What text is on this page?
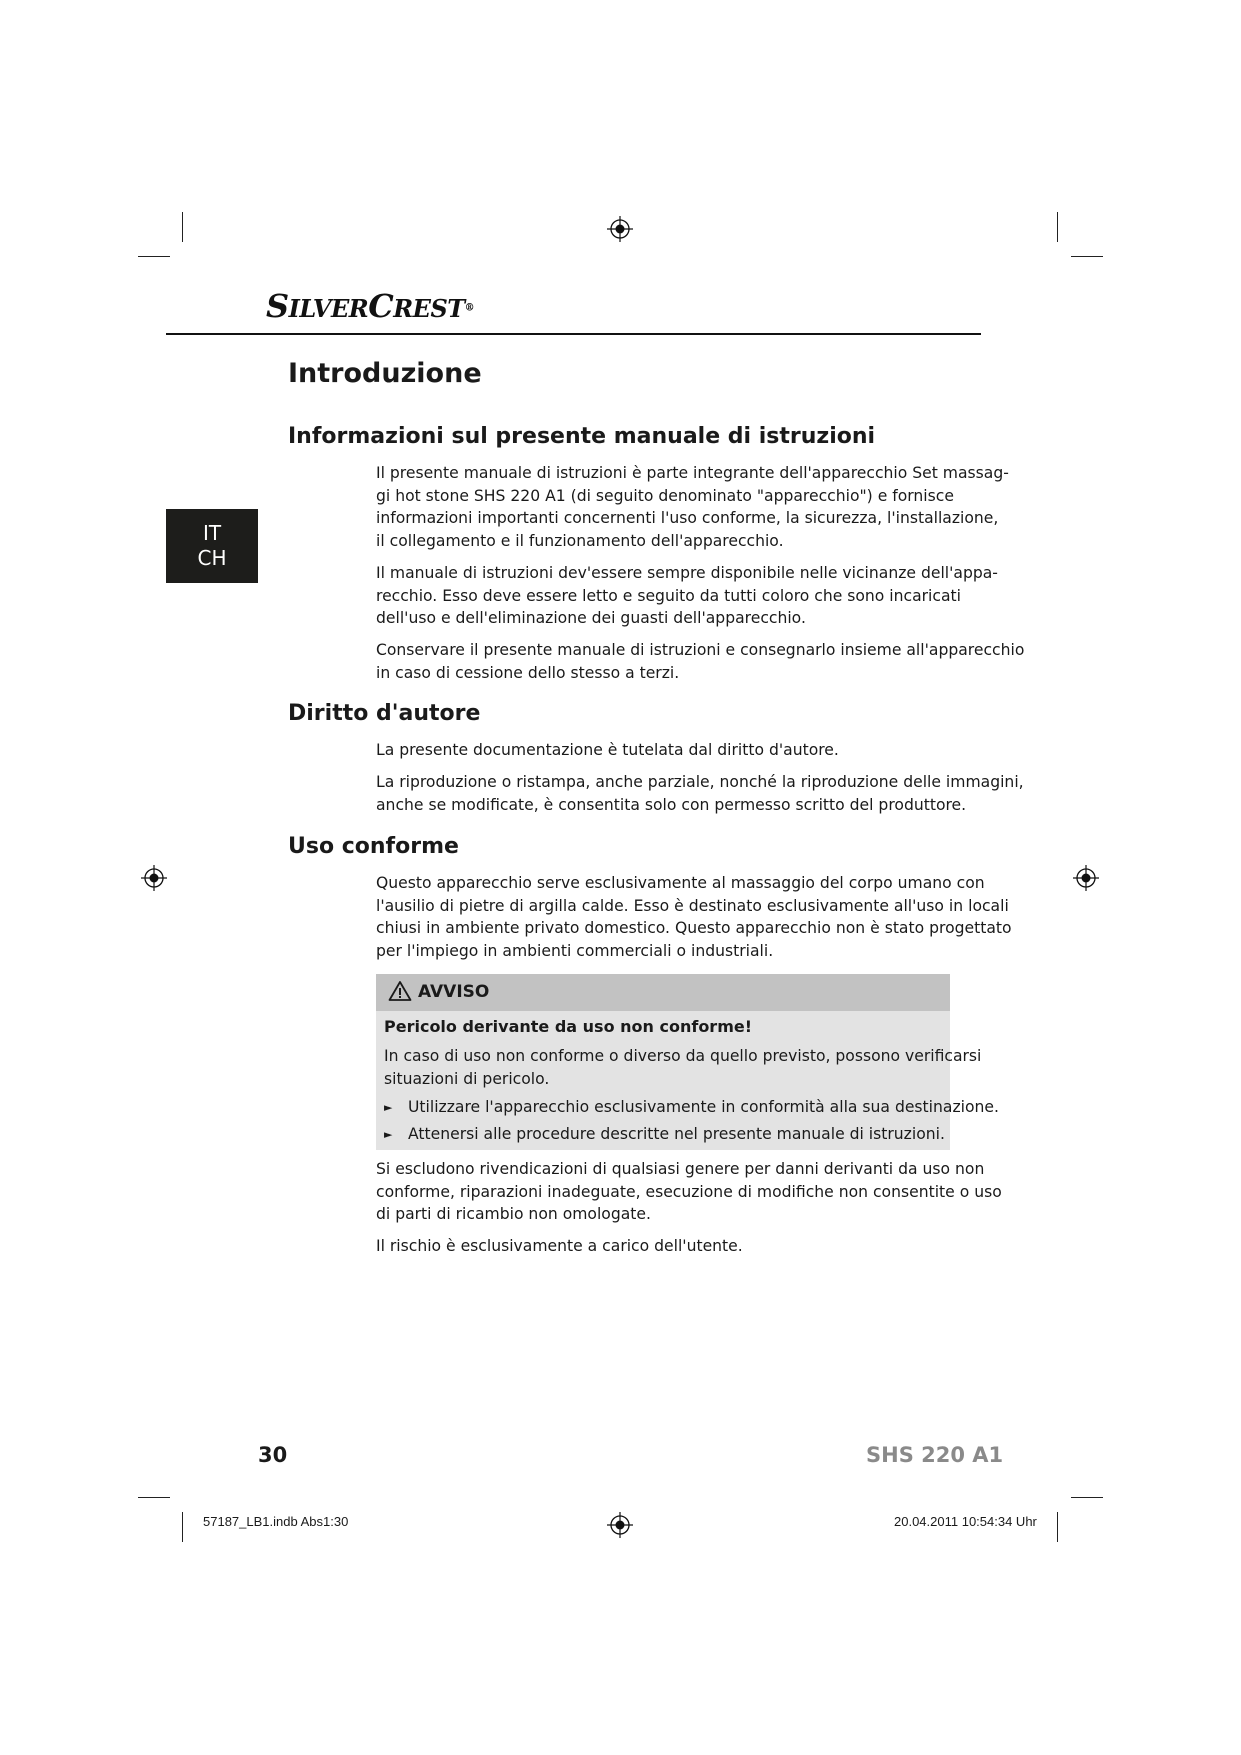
SILVERCREST®
Introduzione
IT
CH
Informazioni sul presente manuale di istruzioni
Il presente manuale di istruzioni è parte integrante dell'apparecchio Set massag-
gi hot stone SHS 220 A1 (di seguito denominato "apparecchio") e fornisce
informazioni importanti concernenti l'uso conforme, la sicurezza, l'installazione,
il collegamento e il funzionamento dell'apparecchio.
Il manuale di istruzioni dev'essere sempre disponibile nelle vicinanze dell'appa-
recchio. Esso deve essere letto e seguito da tutti coloro che sono incaricati
dell'uso e dell'eliminazione dei guasti dell'apparecchio.
Conservare il presente manuale di istruzioni e consegnarlo insieme all'apparecchio
in caso di cessione dello stesso a terzi.
Diritto d'autore
La presente documentazione è tutelata dal diritto d'autore.
La riproduzione o ristampa, anche parziale, nonché la riproduzione delle immagini,
anche se modificate, è consentita solo con permesso scritto del produttore.
Uso conforme
Questo apparecchio serve esclusivamente al massaggio del corpo umano con
l'ausilio di pietre di argilla calde. Esso è destinato esclusivamente all'uso in locali
chiusi in ambiente privato domestico. Questo apparecchio non è stato progettato
per l'impiego in ambienti commerciali o industriali.
AVVISO
Pericolo derivante da uso non conforme!
In caso di uso non conforme o diverso da quello previsto, possono verificarsi
situazioni di pericolo.
► Utilizzare l'apparecchio esclusivamente in conformità alla sua destinazione.
► Attenersi alle procedure descritte nel presente manuale di istruzioni.
Si escludono rivendicazioni di qualsiasi genere per danni derivanti da uso non
conforme, riparazioni inadeguate, esecuzione di modifiche non consentite o uso
di parti di ricambio non omologate.
Il rischio è esclusivamente a carico dell'utente.
30	SHS 220 A1
57187_LB1.indb Abs1:30	20.04.2011 10:54:34 Uhr
